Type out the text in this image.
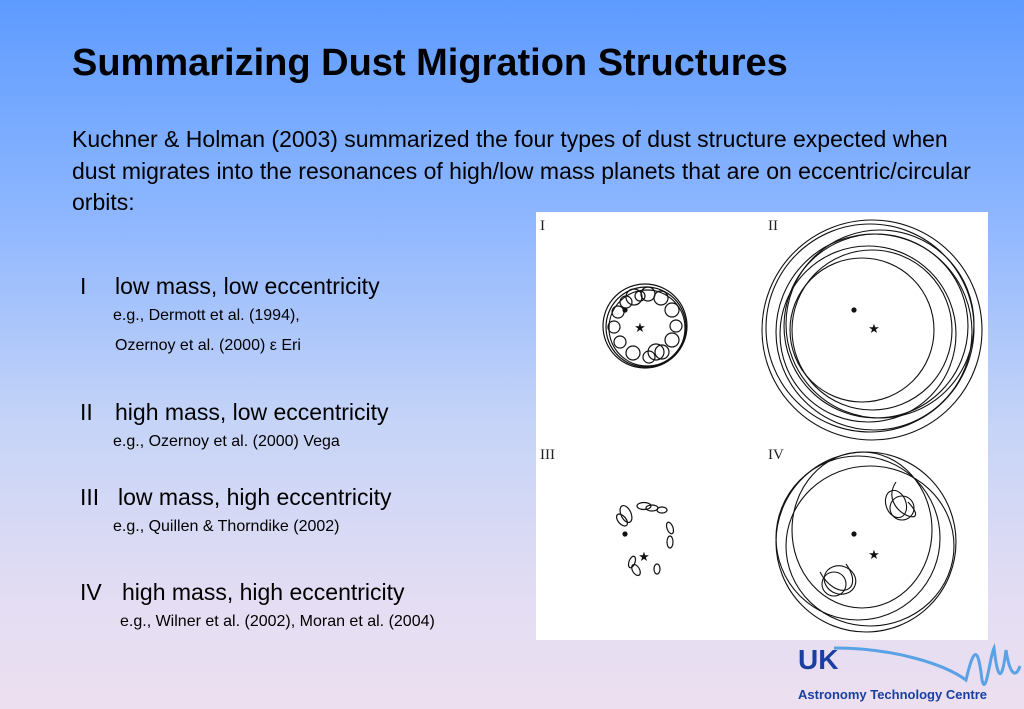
Summarizing Dust Migration Structures

Kuchner & Holman (2003) summarized the four types of dust structure expected when dust migrates into the resonances of high/low mass planets that are on eccentric/circular orbits:

I low mass, low eccentricity
e.g., Dermott et al. (1994),
Ozernoy et al. (2000) ε Eri
II high mass, low eccentricity
e.g., Ozernoy et al. (2000) Vega
III low mass, high eccentricity
e.g., Quillen & Thorndike (2002)
IV high mass, high eccentricity
e.g., Wilner et al. (2002), Moran et al. (2004)
I	II
III	IV
★	★
★	★
UK
Astronomy Technology Centre
